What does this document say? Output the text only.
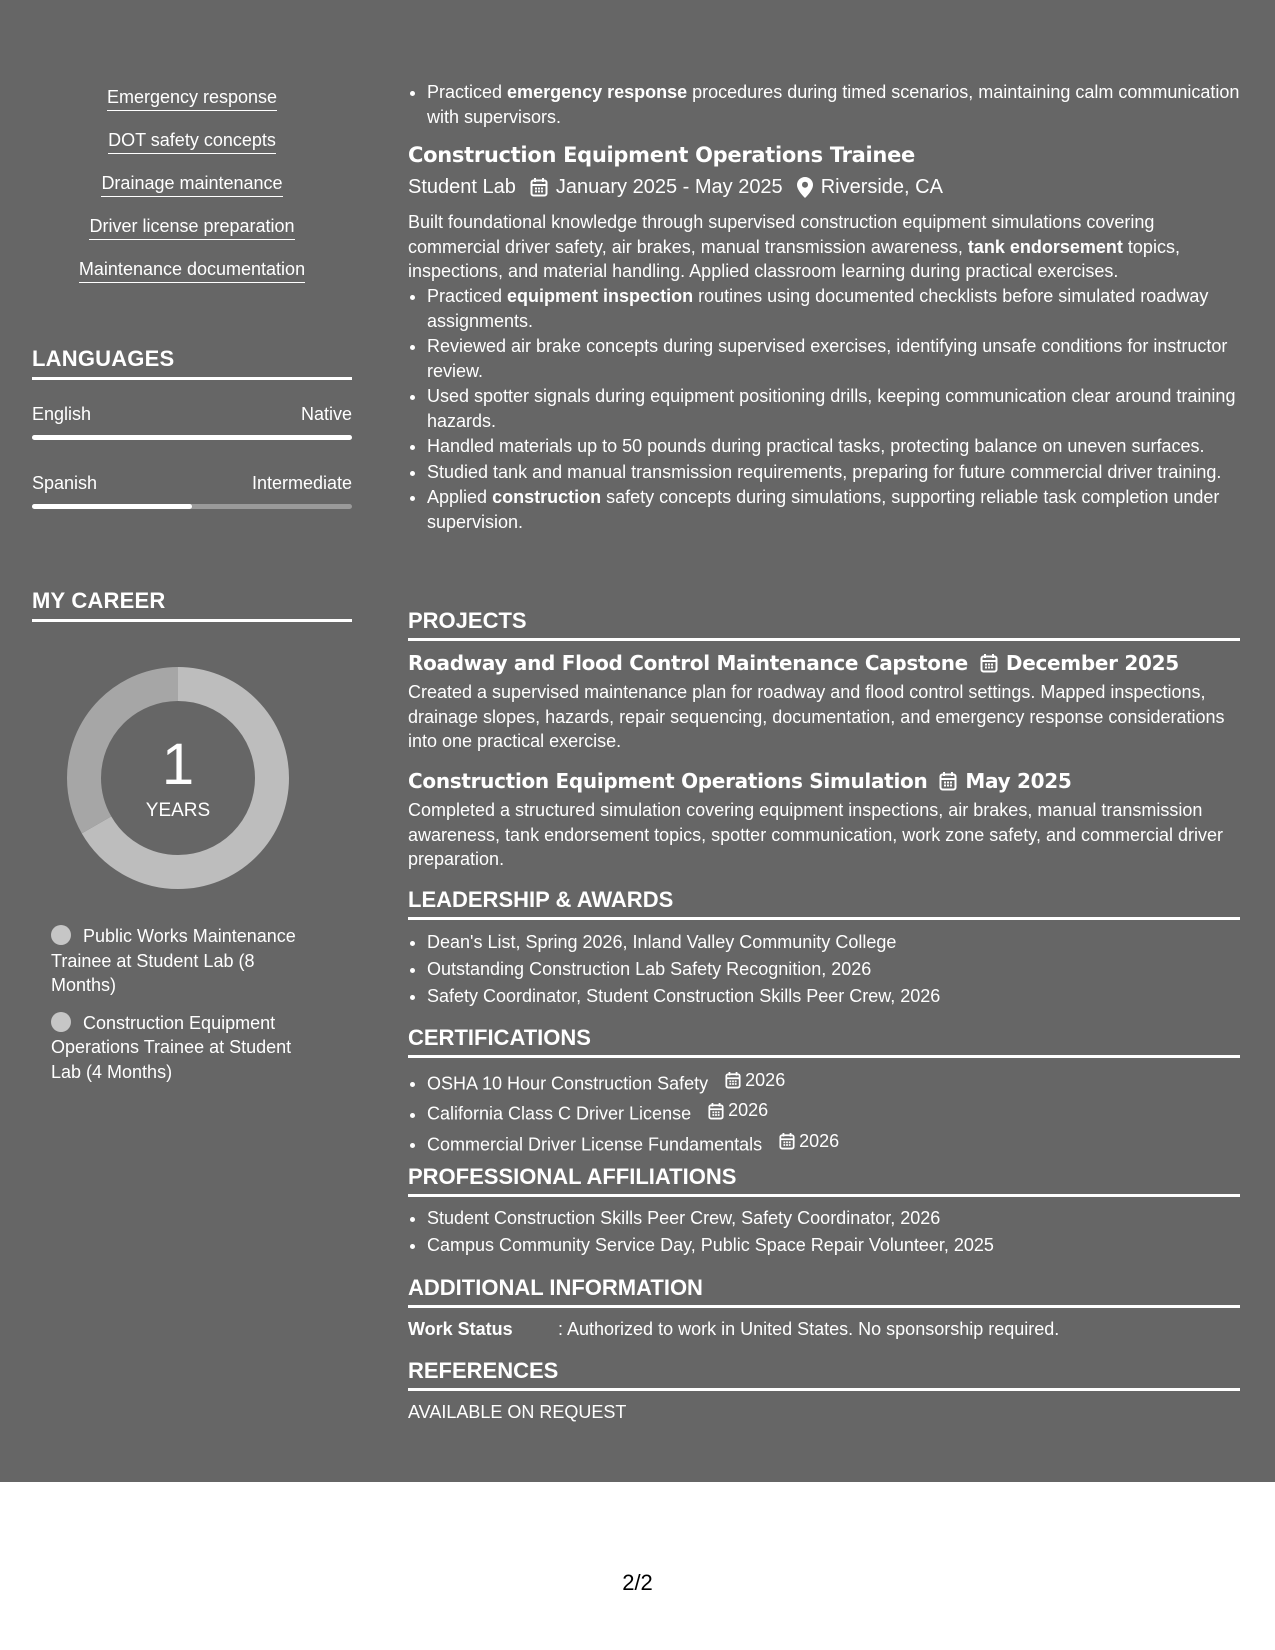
Emergency response
DOT safety concepts
Drainage maintenance
Driver license preparation
Maintenance documentation
LANGUAGES
English	Native
Spanish	Intermediate
MY CAREER
1
YEARS
Public Works Maintenance Trainee at Student Lab (8 Months)
Construction Equipment Operations Trainee at Student Lab (4 Months)
• Practiced emergency response procedures during timed scenarios, maintaining calm communication with supervisors.
Construction Equipment Operations Trainee
Student Lab January 2025 - May 2025 Riverside, CA
Built foundational knowledge through supervised construction equipment simulations covering commercial driver safety, air brakes, manual transmission awareness, tank endorsement topics, inspections, and material handling. Applied classroom learning during practical exercises.
• Practiced equipment inspection routines using documented checklists before simulated roadway assignments.
• Reviewed air brake concepts during supervised exercises, identifying unsafe conditions for instructor review.
• Used spotter signals during equipment positioning drills, keeping communication clear around training hazards.
• Handled materials up to 50 pounds during practical tasks, protecting balance on uneven surfaces.
• Studied tank and manual transmission requirements, preparing for future commercial driver training.
• Applied construction safety concepts during simulations, supporting reliable task completion under supervision.
PROJECTS
Roadway and Flood Control Maintenance Capstone December 2025
Created a supervised maintenance plan for roadway and flood control settings. Mapped inspections, drainage slopes, hazards, repair sequencing, documentation, and emergency response considerations into one practical exercise.
Construction Equipment Operations Simulation May 2025
Completed a structured simulation covering equipment inspections, air brakes, manual transmission awareness, tank endorsement topics, spotter communication, work zone safety, and commercial driver preparation.
LEADERSHIP & AWARDS
• Dean's List, Spring 2026, Inland Valley Community College
• Outstanding Construction Lab Safety Recognition, 2026
• Safety Coordinator, Student Construction Skills Peer Crew, 2026
CERTIFICATIONS
• OSHA 10 Hour Construction Safety 2026
• California Class C Driver License 2026
• Commercial Driver License Fundamentals 2026
PROFESSIONAL AFFILIATIONS
• Student Construction Skills Peer Crew, Safety Coordinator, 2026
• Campus Community Service Day, Public Space Repair Volunteer, 2025
ADDITIONAL INFORMATION
Work Status	: Authorized to work in United States. No sponsorship required.
REFERENCES
AVAILABLE ON REQUEST
2/2
